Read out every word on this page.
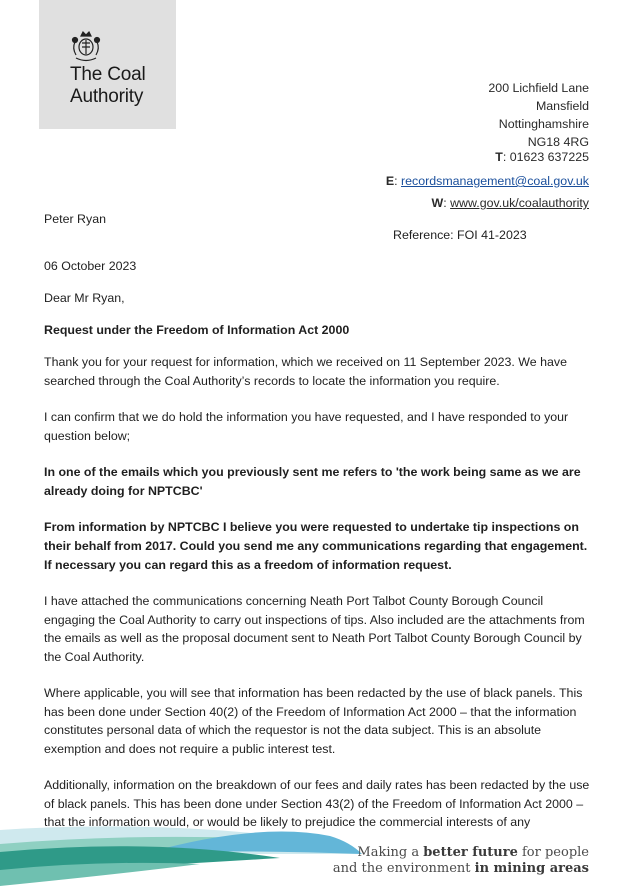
The Coal Authority	200 Lichfield Lane
Mansfield
Nottinghamshire
NG18 4RG
T: 01623 637225
E: recordsmanagement@coal.gov.uk
W: www.gov.uk/coalauthority
Peter Ryan
Reference: FOI 41-2023
06 October 2023
Dear Mr Ryan,
Request under the Freedom of Information Act 2000

Thank you for your request for information, which we received on 11 September 2023. We have searched through the Coal Authority’s records to locate the information you require.

I can confirm that we do hold the information you have requested, and I have responded to your question below;

In one of the emails which you previously sent me refers to 'the work being same as we are already doing for NPTCBC'

From information by NPTCBC I believe you were requested to undertake tip inspections on their behalf from 2017. Could you send me any communications regarding that engagement. If necessary you can regard this as a freedom of information request.

I have attached the communications concerning Neath Port Talbot County Borough Council engaging the Coal Authority to carry out inspections of tips. Also included are the attachments from the emails as well as the proposal document sent to Neath Port Talbot County Borough Council by the Coal Authority.

Where applicable, you will see that information has been redacted by the use of black panels. This has been done under Section 40(2) of the Freedom of Information Act 2000 – that the information constitutes personal data of which the requestor is not the data subject. This is an absolute exemption and does not require a public interest test.

Additionally, information on the breakdown of our fees and daily rates has been redacted by the use of black panels. This has been done under Section 43(2) of the Freedom of Information Act 2000 – that the information would, or would be likely to prejudice the commercial interests of any

Making a better future for people
and the environment in mining areas
